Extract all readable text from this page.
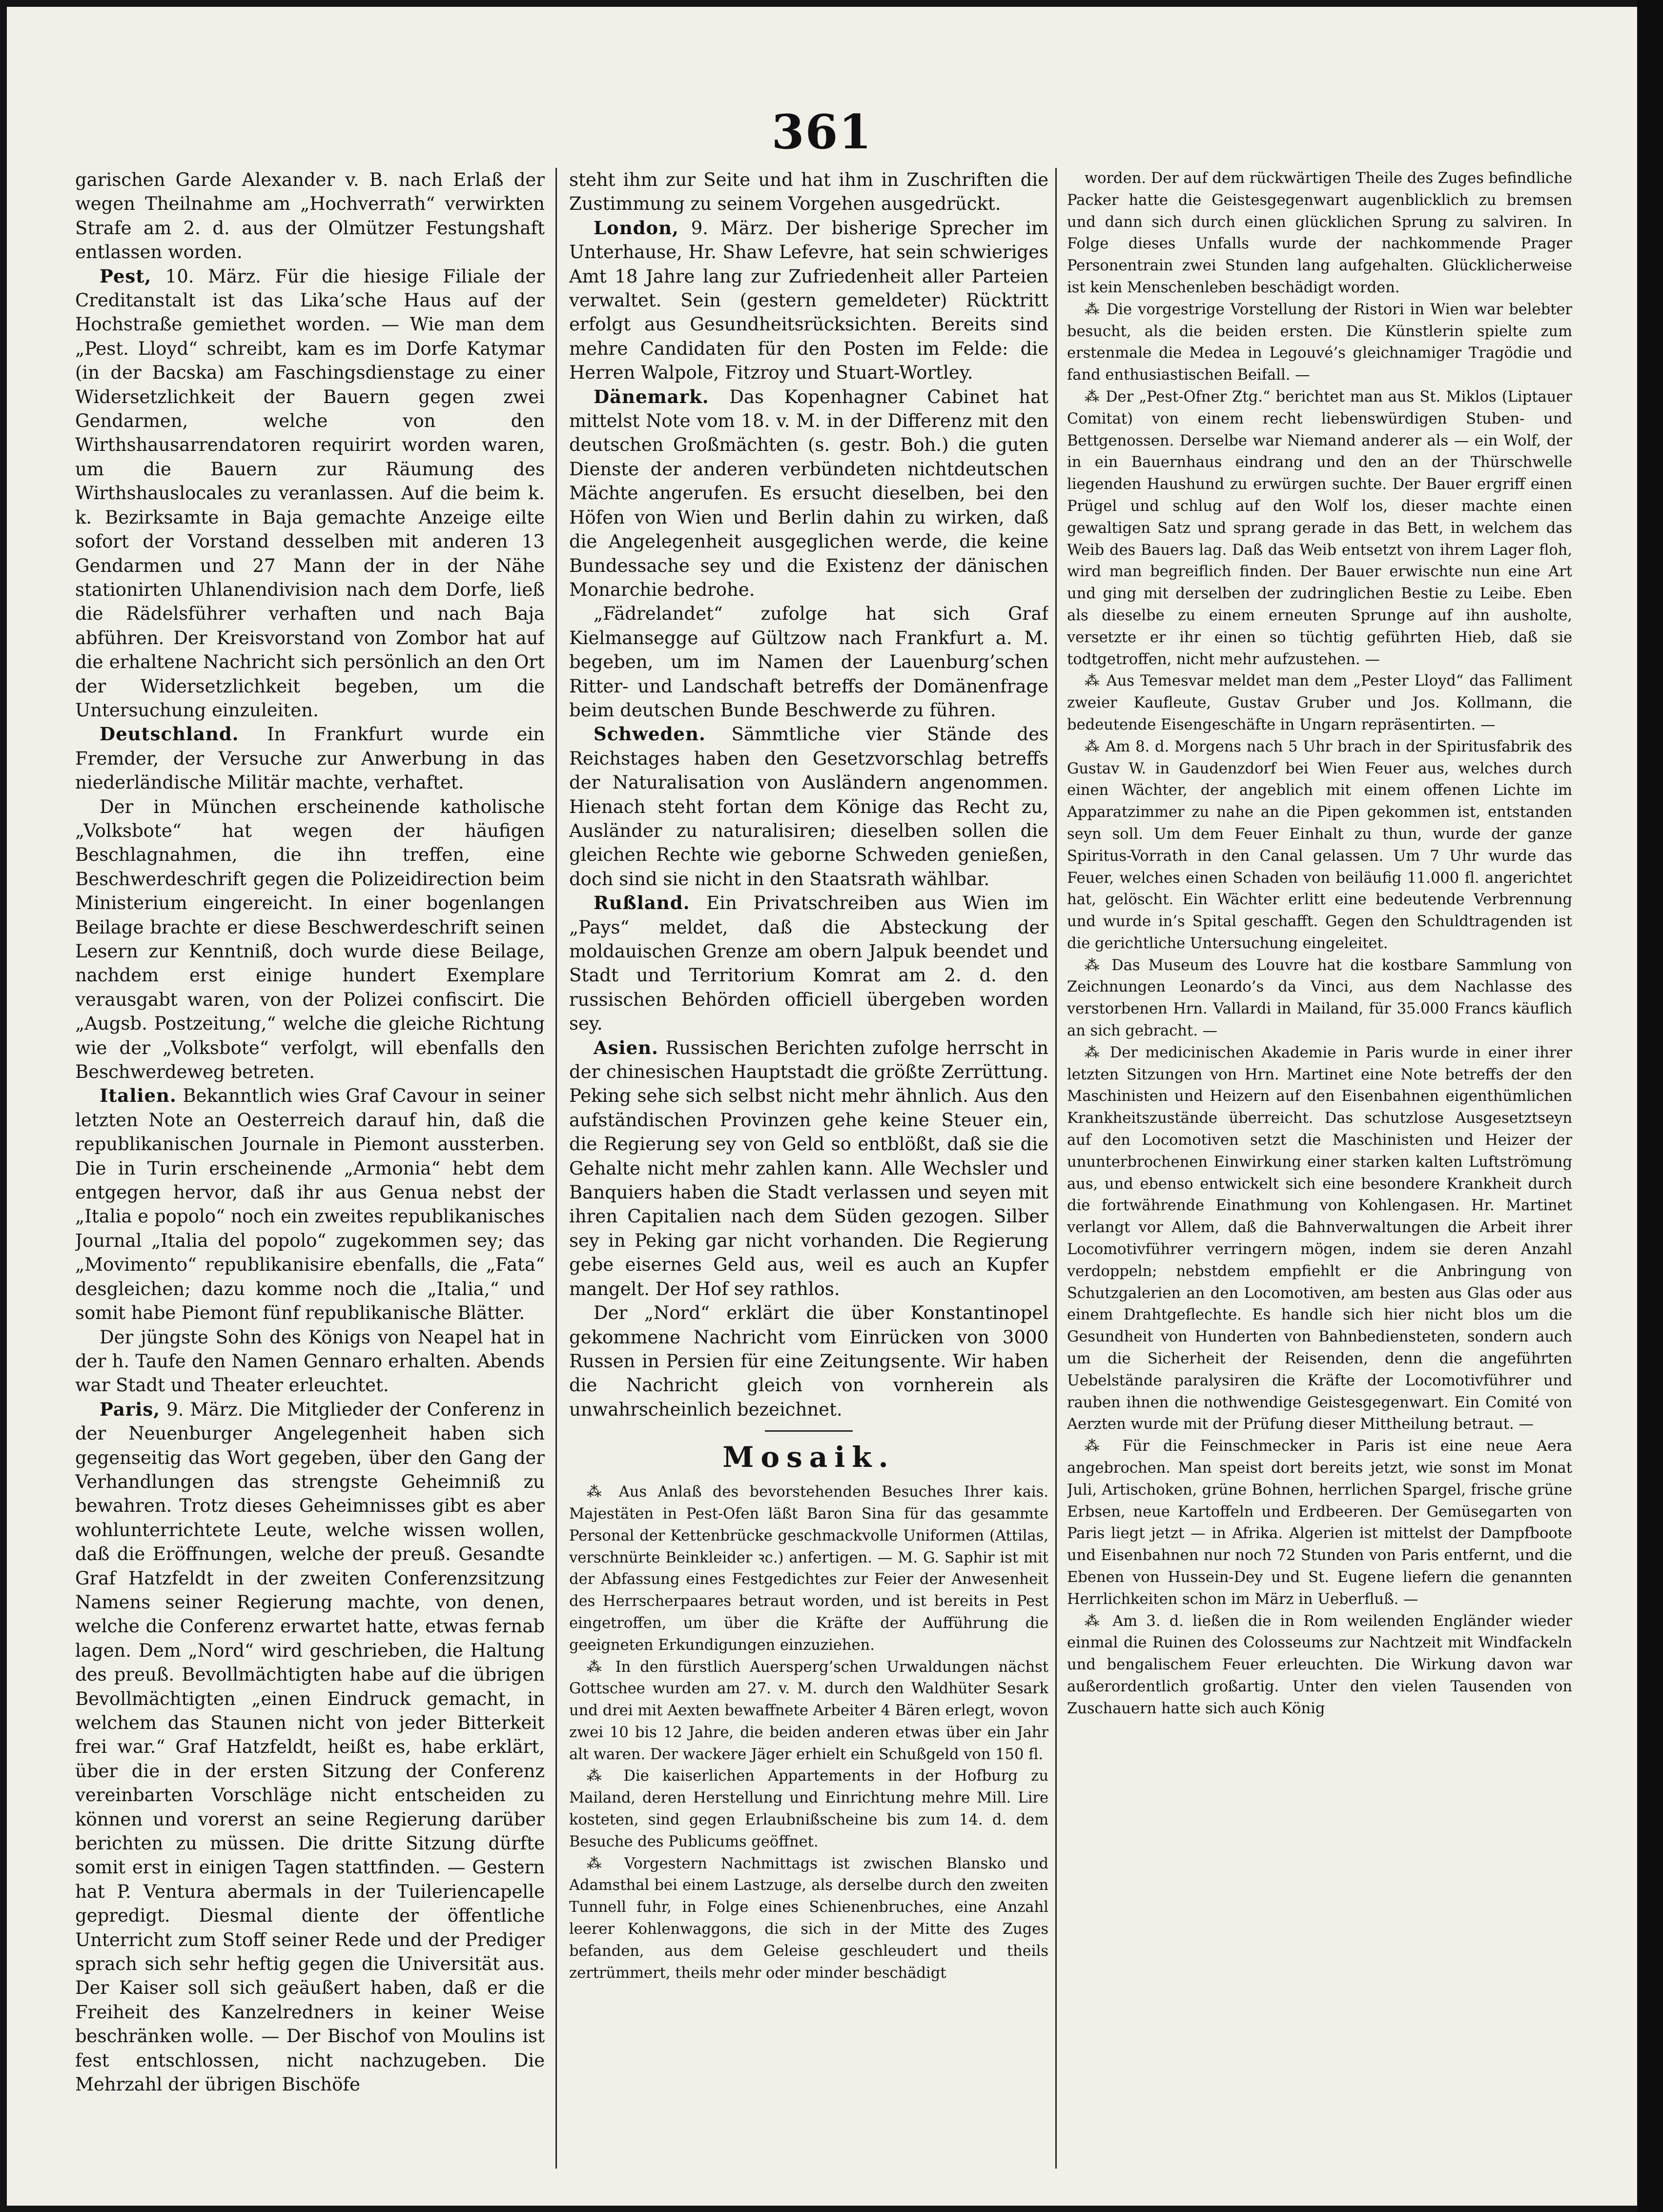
361

garischen Garde Alexander v. B. nach Erlaß der wegen Theilnahme am „Hochverrath“ verwirkten Strafe am 2. d. aus der Olmützer Festungshaft entlassen worden.

Pest, 10. März. Für die hiesige Filiale der Creditanstalt ist das Lika’sche Haus auf der Hochstraße gemiethet worden. — Wie man dem „Pest. Lloyd“ schreibt, kam es im Dorfe Katymar (in der Bacska) am Faschingsdienstage zu einer Widersetzlichkeit der Bauern gegen zwei Gendarmen, welche von den Wirthshausarrendatoren requirirt worden waren, um die Bauern zur Räumung des Wirthshauslocales zu veranlassen. Auf die beim k. k. Bezirksamte in Baja gemachte Anzeige eilte sofort der Vorstand desselben mit anderen 13 Gendarmen und 27 Mann der in der Nähe stationirten Uhlanendivision nach dem Dorfe, ließ die Rädelsführer verhaften und nach Baja abführen. Der Kreisvorstand von Zombor hat auf die erhaltene Nachricht sich persönlich an den Ort der Widersetzlichkeit begeben, um die Untersuchung einzuleiten.

Deutschland. In Frankfurt wurde ein Fremder, der Versuche zur Anwerbung in das niederländische Militär machte, verhaftet.

Der in München erscheinende katholische „Volksbote“ hat wegen der häufigen Beschlagnahmen, die ihn treffen, eine Beschwerdeschrift gegen die Polizeidirection beim Ministerium eingereicht. In einer bogenlangen Beilage brachte er diese Beschwerdeschrift seinen Lesern zur Kenntniß, doch wurde diese Beilage, nachdem erst einige hundert Exemplare verausgabt waren, von der Polizei confiscirt. Die „Augsb. Postzeitung,“ welche die gleiche Richtung wie der „Volksbote“ verfolgt, will ebenfalls den Beschwerdeweg betreten.

Italien. Bekanntlich wies Graf Cavour in seiner letzten Note an Oesterreich darauf hin, daß die republikanischen Journale in Piemont aussterben. Die in Turin erscheinende „Armonia“ hebt dem entgegen hervor, daß ihr aus Genua nebst der „Italia e popolo“ noch ein zweites republikanisches Journal „Italia del popolo“ zugekommen sey; das „Movimento“ republikanisire ebenfalls, die „Fata“ desgleichen; dazu komme noch die „Italia,“ und somit habe Piemont fünf republikanische Blätter.

Der jüngste Sohn des Königs von Neapel hat in der h. Taufe den Namen Gennaro erhalten. Abends war Stadt und Theater erleuchtet.

Paris, 9. März. Die Mitglieder der Conferenz in der Neuenburger Angelegenheit haben sich gegenseitig das Wort gegeben, über den Gang der Verhandlungen das strengste Geheimniß zu bewahren. Trotz dieses Geheimnisses gibt es aber wohlunterrichtete Leute, welche wissen wollen, daß die Eröffnungen, welche der preuß. Gesandte Graf Hatzfeldt in der zweiten Conferenzsitzung Namens seiner Regierung machte, von denen, welche die Conferenz erwartet hatte, etwas fernab lagen. Dem „Nord“ wird geschrieben, die Haltung des preuß. Bevollmächtigten habe auf die übrigen Bevollmächtigten „einen Eindruck gemacht, in welchem das Staunen nicht von jeder Bitterkeit frei war.“ Graf Hatzfeldt, heißt es, habe erklärt, über die in der ersten Sitzung der Conferenz vereinbarten Vorschläge nicht entscheiden zu können und vorerst an seine Regierung darüber berichten zu müssen. Die dritte Sitzung dürfte somit erst in einigen Tagen stattfinden. — Gestern hat P. Ventura abermals in der Tuileriencapelle gepredigt. Diesmal diente der öffentliche Unterricht zum Stoff seiner Rede und der Prediger sprach sich sehr heftig gegen die Universität aus. Der Kaiser soll sich geäußert haben, daß er die Freiheit des Kanzelredners in keiner Weise beschränken wolle. — Der Bischof von Moulins ist fest entschlossen, nicht nachzugeben. Die Mehrzahl der übrigen Bischöfe

steht ihm zur Seite und hat ihm in Zuschriften die Zustimmung zu seinem Vorgehen ausgedrückt.

London, 9. März. Der bisherige Sprecher im Unterhause, Hr. Shaw Lefevre, hat sein schwieriges Amt 18 Jahre lang zur Zufriedenheit aller Parteien verwaltet. Sein (gestern gemeldeter) Rücktritt erfolgt aus Gesundheitsrücksichten. Bereits sind mehre Candidaten für den Posten im Felde: die Herren Walpole, Fitzroy und Stuart-Wortley.

Dänemark. Das Kopenhagner Cabinet hat mittelst Note vom 18. v. M. in der Differenz mit den deutschen Großmächten (s. gestr. Boh.) die guten Dienste der anderen verbündeten nichtdeutschen Mächte angerufen. Es ersucht dieselben, bei den Höfen von Wien und Berlin dahin zu wirken, daß die Angelegenheit ausgeglichen werde, die keine Bundessache sey und die Existenz der dänischen Monarchie bedrohe.

„Fädrelandet“ zufolge hat sich Graf Kielmansegge auf Gültzow nach Frankfurt a. M. begeben, um im Namen der Lauenburg’schen Ritter- und Landschaft betreffs der Domänenfrage beim deutschen Bunde Beschwerde zu führen.

Schweden. Sämmtliche vier Stände des Reichstages haben den Gesetzvorschlag betreffs der Naturalisation von Ausländern angenommen. Hienach steht fortan dem Könige das Recht zu, Ausländer zu naturalisiren; dieselben sollen die gleichen Rechte wie geborne Schweden genießen, doch sind sie nicht in den Staatsrath wählbar.

Rußland. Ein Privatschreiben aus Wien im „Pays“ meldet, daß die Absteckung der moldauischen Grenze am obern Jalpuk beendet und Stadt und Territorium Komrat am 2. d. den russischen Behörden officiell übergeben worden sey.

Asien. Russischen Berichten zufolge herrscht in der chinesischen Hauptstadt die größte Zerrüttung. Peking sehe sich selbst nicht mehr ähnlich. Aus den aufständischen Provinzen gehe keine Steuer ein, die Regierung sey von Geld so entblößt, daß sie die Gehalte nicht mehr zahlen kann. Alle Wechsler und Banquiers haben die Stadt verlassen und seyen mit ihren Capitalien nach dem Süden gezogen. Silber sey in Peking gar nicht vorhanden. Die Regierung gebe eisernes Geld aus, weil es auch an Kupfer mangelt. Der Hof sey rathlos.

Der „Nord“ erklärt die über Konstantinopel gekommene Nachricht vom Einrücken von 3000 Russen in Persien für eine Zeitungsente. Wir haben die Nachricht gleich von vornherein als unwahrscheinlich bezeichnet.

Mosaik.

⁂ Aus Anlaß des bevorstehenden Besuches Ihrer kais. Majestäten in Pest-Ofen läßt Baron Sina für das gesammte Personal der Kettenbrücke geschmackvolle Uniformen (Attilas, verschnürte Beinkleider ꝛc.) anfertigen. — M. G. Saphir ist mit der Abfassung eines Festgedichtes zur Feier der Anwesenheit des Herrscherpaares betraut worden, und ist bereits in Pest eingetroffen, um über die Kräfte der Aufführung die geeigneten Erkundigungen einzuziehen.

⁂ In den fürstlich Auersperg’schen Urwaldungen nächst Gottschee wurden am 27. v. M. durch den Waldhüter Sesark und drei mit Aexten bewaffnete Arbeiter 4 Bären erlegt, wovon zwei 10 bis 12 Jahre, die beiden anderen etwas über ein Jahr alt waren. Der wackere Jäger erhielt ein Schußgeld von 150 fl.

⁂ Die kaiserlichen Appartements in der Hofburg zu Mailand, deren Herstellung und Einrichtung mehre Mill. Lire kosteten, sind gegen Erlaubnißscheine bis zum 14. d. dem Besuche des Publicums geöffnet.

⁂ Vorgestern Nachmittags ist zwischen Blansko und Adamsthal bei einem Lastzuge, als derselbe durch den zweiten Tunnell fuhr, in Folge eines Schienenbruches, eine Anzahl leerer Kohlenwaggons, die sich in der Mitte des Zuges befanden, aus dem Geleise geschleudert und theils zertrümmert, theils mehr oder minder beschädigt

worden. Der auf dem rückwärtigen Theile des Zuges befindliche Packer hatte die Geistesgegenwart augenblicklich zu bremsen und dann sich durch einen glücklichen Sprung zu salviren. In Folge dieses Unfalls wurde der nachkommende Prager Personentrain zwei Stunden lang aufgehalten. Glücklicherweise ist kein Menschenleben beschädigt worden.

⁂ Die vorgestrige Vorstellung der Ristori in Wien war belebter besucht, als die beiden ersten. Die Künstlerin spielte zum erstenmale die Medea in Legouvé’s gleichnamiger Tragödie und fand enthusiastischen Beifall. —

⁂ Der „Pest-Ofner Ztg.“ berichtet man aus St. Miklos (Liptauer Comitat) von einem recht liebenswürdigen Stuben- und Bettgenossen. Derselbe war Niemand anderer als — ein Wolf, der in ein Bauernhaus eindrang und den an der Thürschwelle liegenden Haushund zu erwürgen suchte. Der Bauer ergriff einen Prügel und schlug auf den Wolf los, dieser machte einen gewaltigen Satz und sprang gerade in das Bett, in welchem das Weib des Bauers lag. Daß das Weib entsetzt von ihrem Lager floh, wird man begreiflich finden. Der Bauer erwischte nun eine Art und ging mit derselben der zudringlichen Bestie zu Leibe. Eben als dieselbe zu einem erneuten Sprunge auf ihn ausholte, versetzte er ihr einen so tüchtig geführten Hieb, daß sie todtgetroffen, nicht mehr aufzustehen. —

⁂ Aus Temesvar meldet man dem „Pester Lloyd“ das Falliment zweier Kaufleute, Gustav Gruber und Jos. Kollmann, die bedeutende Eisengeschäfte in Ungarn repräsentirten. —

⁂ Am 8. d. Morgens nach 5 Uhr brach in der Spiritusfabrik des Gustav W. in Gaudenzdorf bei Wien Feuer aus, welches durch einen Wächter, der angeblich mit einem offenen Lichte im Apparatzimmer zu nahe an die Pipen gekommen ist, entstanden seyn soll. Um dem Feuer Einhalt zu thun, wurde der ganze Spiritus-Vorrath in den Canal gelassen. Um 7 Uhr wurde das Feuer, welches einen Schaden von beiläufig 11.000 fl. angerichtet hat, gelöscht. Ein Wächter erlitt eine bedeutende Verbrennung und wurde in’s Spital geschafft. Gegen den Schuldtragenden ist die gerichtliche Untersuchung eingeleitet.

⁂ Das Museum des Louvre hat die kostbare Sammlung von Zeichnungen Leonardo’s da Vinci, aus dem Nachlasse des verstorbenen Hrn. Vallardi in Mailand, für 35.000 Francs käuflich an sich gebracht. —

⁂ Der medicinischen Akademie in Paris wurde in einer ihrer letzten Sitzungen von Hrn. Martinet eine Note betreffs der den Maschinisten und Heizern auf den Eisenbahnen eigenthümlichen Krankheitszustände überreicht. Das schutzlose Ausgesetztseyn auf den Locomotiven setzt die Maschinisten und Heizer der ununterbrochenen Einwirkung einer starken kalten Luftströmung aus, und ebenso entwickelt sich eine besondere Krankheit durch die fortwährende Einathmung von Kohlengasen. Hr. Martinet verlangt vor Allem, daß die Bahnverwaltungen die Arbeit ihrer Locomotivführer verringern mögen, indem sie deren Anzahl verdoppeln; nebstdem empfiehlt er die Anbringung von Schutzgalerien an den Locomotiven, am besten aus Glas oder aus einem Drahtgeflechte. Es handle sich hier nicht blos um die Gesundheit von Hunderten von Bahnbediensteten, sondern auch um die Sicherheit der Reisenden, denn die angeführten Uebelstände paralysiren die Kräfte der Locomotivführer und rauben ihnen die nothwendige Geistesgegenwart. Ein Comité von Aerzten wurde mit der Prüfung dieser Mittheilung betraut. —

⁂ Für die Feinschmecker in Paris ist eine neue Aera angebrochen. Man speist dort bereits jetzt, wie sonst im Monat Juli, Artischoken, grüne Bohnen, herrlichen Spargel, frische grüne Erbsen, neue Kartoffeln und Erdbeeren. Der Gemüsegarten von Paris liegt jetzt — in Afrika. Algerien ist mittelst der Dampfboote und Eisenbahnen nur noch 72 Stunden von Paris entfernt, und die Ebenen von Hussein-Dey und St. Eugene liefern die genannten Herrlichkeiten schon im März in Ueberfluß. —

⁂ Am 3. d. ließen die in Rom weilenden Engländer wieder einmal die Ruinen des Colosseums zur Nachtzeit mit Windfackeln und bengalischem Feuer erleuchten. Die Wirkung davon war außerordentlich großartig. Unter den vielen Tausenden von Zuschauern hatte sich auch König
